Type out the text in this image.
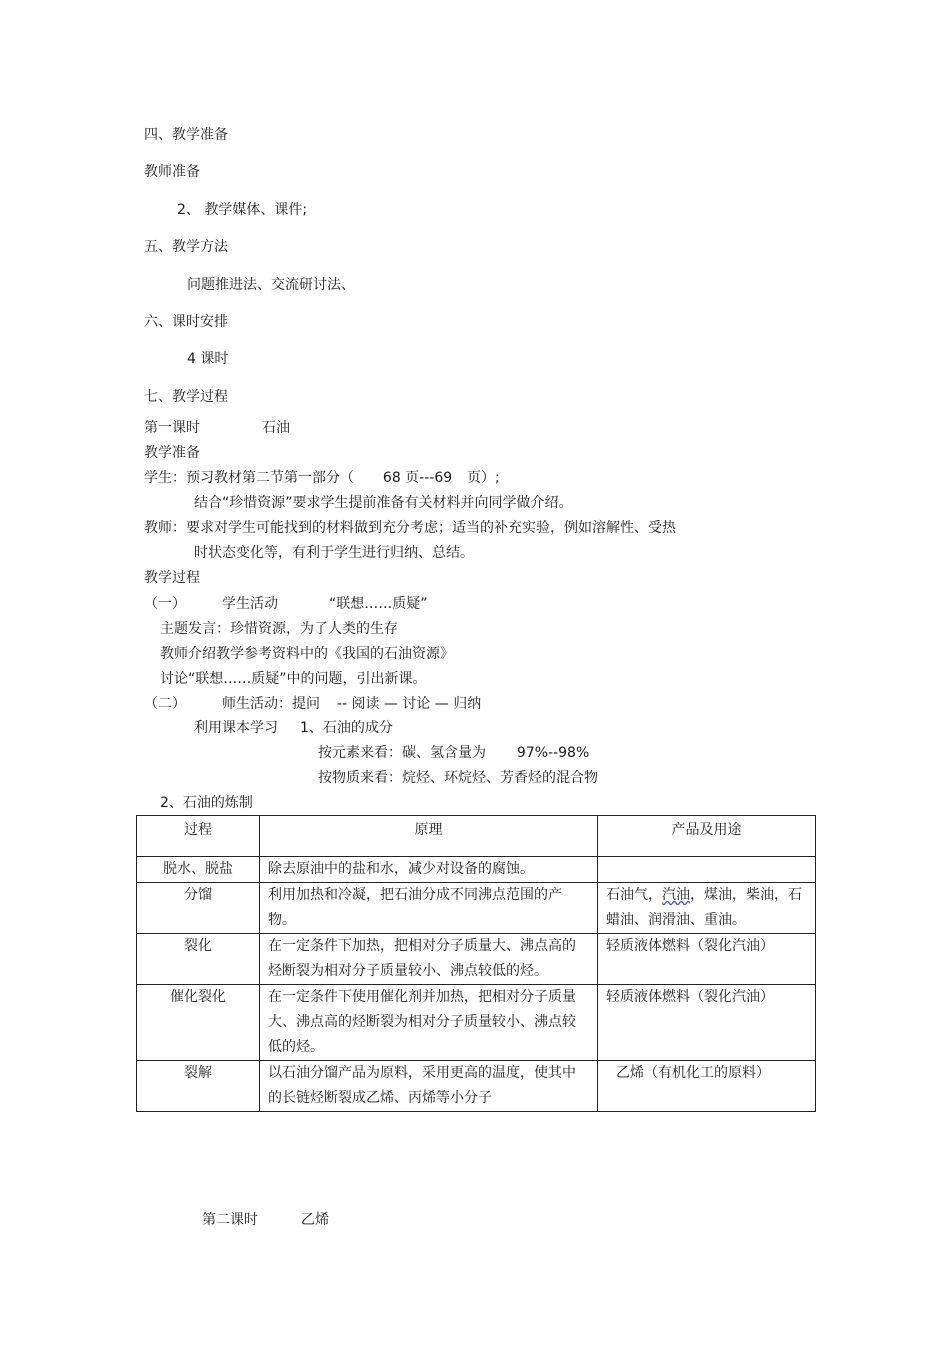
四、教学准备
教师准备
2、 教学媒体、课件;
五、教学方法
问题推进法、交流研讨法、
六、课时安排
4 课时
七、教学过程
第一课时	石油
教学准备
学生：预习教材第二节第一部分（ 68 页---69 页）;
结合“珍惜资源”要求学生提前准备有关材料并向同学做介绍。
教师：要求对学生可能找到的材料做到充分考虑；适当的补充实验，例如溶解性、受热
时状态变化等，有利于学生进行归纳、总结。
教学过程
（一）	学生活动	“联想……质疑”
主题发言：珍惜资源，为了人类的生存
教师介绍教学参考资料中的《我国的石油资源》
讨论“联想……质疑”中的问题，引出新课。
（二）	师生活动：提问 -- 阅读 — 讨论 — 归纳
利用课本学习 1、石油的成分
按元素来看：碳、氢含量为 97%--98%
按物质来看：烷烃、环烷烃、芳香烃的混合物
2、石油的炼制
过程	原理	产品及用途
脱水、脱盐	除去原油中的盐和水，减少对设备的腐蚀。	
分馏	利用加热和冷凝，把石油分成不同沸点范围的产物。	石油气，汽油，煤油，柴油，石蜡油、润滑油、重油。
裂化	在一定条件下加热，把相对分子质量大、沸点高的烃断裂为相对分子质量较小、沸点较低的烃。	轻质液体燃料（裂化汽油）
催化裂化	在一定条件下使用催化剂并加热，把相对分子质量大、沸点高的烃断裂为相对分子质量较小、沸点较低的烃。	轻质液体燃料（裂化汽油）
裂解	以石油分馏产品为原料，采用更高的温度，使其中的长链烃断裂成乙烯、丙烯等小分子	乙烯（有机化工的原料）
第二课时	乙烯
